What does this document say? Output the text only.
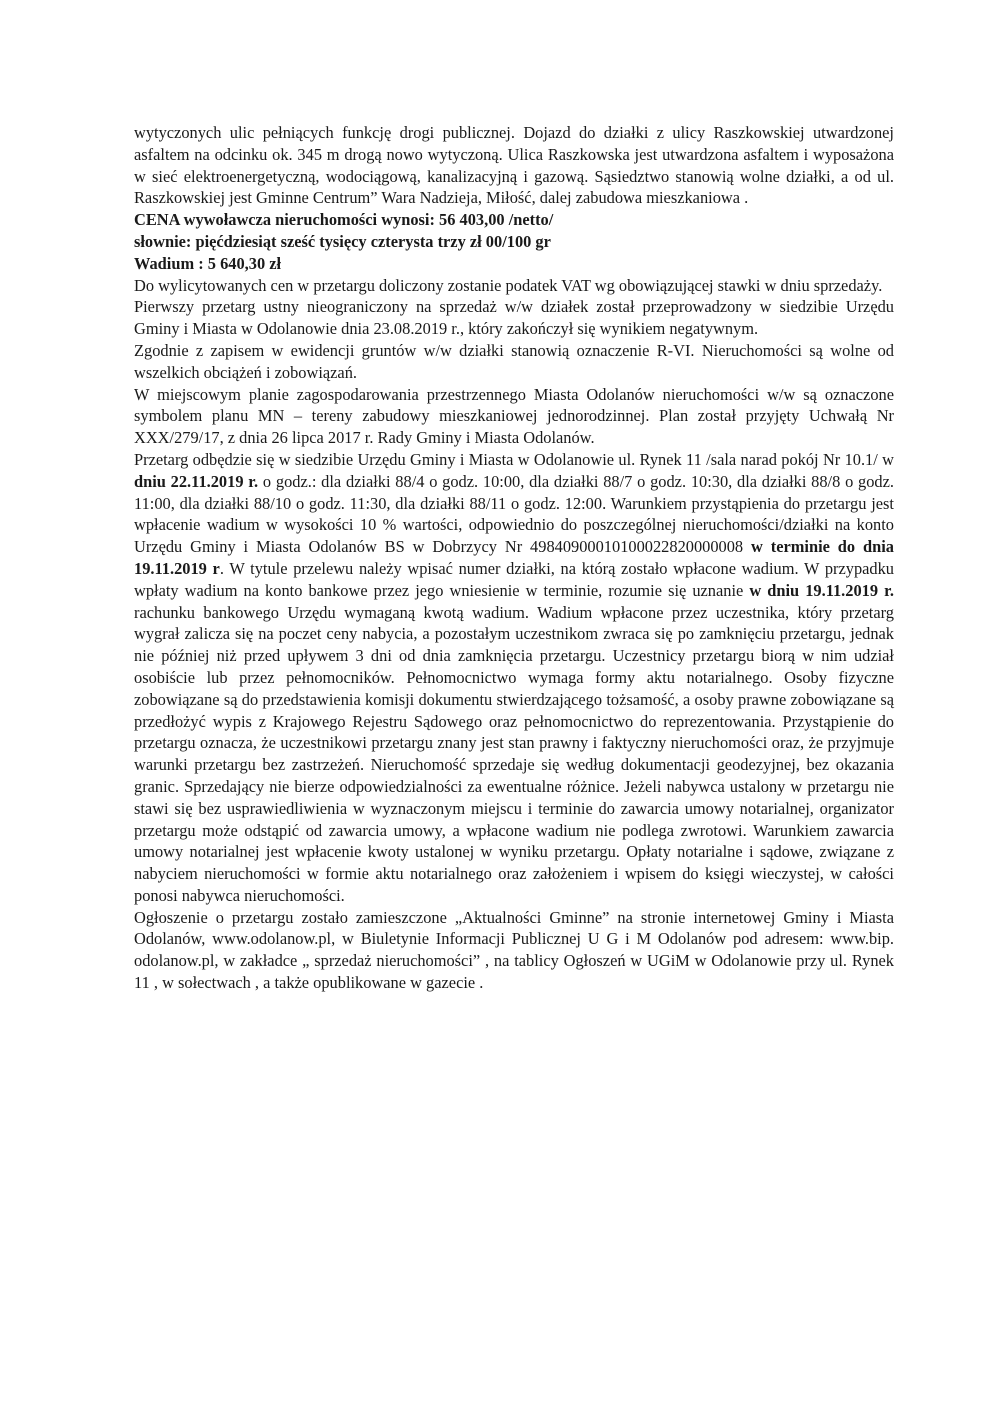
wytyczonych ulic pełniących funkcję drogi publicznej. Dojazd do działki z ulicy Raszkowskiej utwardzonej asfaltem na odcinku ok. 345 m drogą nowo wytyczoną. Ulica Raszkowska jest utwardzona asfaltem i wyposażona w sieć elektroenergetyczną, wodociągową, kanalizacyjną i gazową. Sąsiedztwo stanowią wolne działki, a od ul. Raszkowskiej jest Gminne Centrum” Wara Nadzieja, Miłość, dalej zabudowa mieszkaniowa .

CENA wywoławcza nieruchomości wynosi: 56 403,00 /netto/

słownie: pięćdziesiąt sześć tysięcy czterysta trzy zł 00/100 gr

Wadium : 5 640,30 zł

Do wylicytowanych cen w przetargu doliczony zostanie podatek VAT wg obowiązującej stawki w dniu sprzedaży.

Pierwszy przetarg ustny nieograniczony na sprzedaż w/w działek został przeprowadzony w siedzibie Urzędu Gminy i Miasta w Odolanowie dnia 23.08.2019 r., który zakończył się wynikiem negatywnym.

Zgodnie z zapisem w ewidencji gruntów w/w działki stanowią oznaczenie R-VI. Nieruchomości są wolne od wszelkich obciążeń i zobowiązań.

W miejscowym planie zagospodarowania przestrzennego Miasta Odolanów nieruchomości w/w są oznaczone symbolem planu MN – tereny zabudowy mieszkaniowej jednorodzinnej. Plan został przyjęty Uchwałą Nr XXX/279/17, z dnia 26 lipca 2017 r. Rady Gminy i Miasta Odolanów.

Przetarg odbędzie się w siedzibie Urzędu Gminy i Miasta w Odolanowie ul. Rynek 11 /sala narad pokój Nr 10.1/ w dniu 22.11.2019 r. o godz.: dla działki 88/4 o godz. 10:00, dla działki 88/7 o godz. 10:30, dla działki 88/8 o godz. 11:00, dla działki 88/10 o godz. 11:30, dla działki 88/11 o godz. 12:00. Warunkiem przystąpienia do przetargu jest wpłacenie wadium w wysokości 10 % wartości, odpowiednio do poszczególnej nieruchomości/działki na konto Urzędu Gminy i Miasta Odolanów BS w Dobrzycy Nr 49840900010100022820000008 w terminie do dnia 19.11.2019 r. W tytule przelewu należy wpisać numer działki, na którą zostało wpłacone wadium. W przypadku wpłaty wadium na konto bankowe przez jego wniesienie w terminie, rozumie się uznanie w dniu 19.11.2019 r. rachunku bankowego Urzędu wymaganą kwotą wadium. Wadium wpłacone przez uczestnika, który przetarg wygrał zalicza się na poczet ceny nabycia, a pozostałym uczestnikom zwraca się po zamknięciu przetargu, jednak nie później niż przed upływem 3 dni od dnia zamknięcia przetargu. Uczestnicy przetargu biorą w nim udział osobiście lub przez pełnomocników. Pełnomocnictwo wymaga formy aktu notarialnego. Osoby fizyczne zobowiązane są do przedstawienia komisji dokumentu stwierdzającego tożsamość, a osoby prawne zobowiązane są przedłożyć wypis z Krajowego Rejestru Sądowego oraz pełnomocnictwo do reprezentowania. Przystąpienie do przetargu oznacza, że uczestnikowi przetargu znany jest stan prawny i faktyczny nieruchomości oraz, że przyjmuje warunki przetargu bez zastrzeżeń. Nieruchomość sprzedaje się według dokumentacji geodezyjnej, bez okazania granic. Sprzedający nie bierze odpowiedzialności za ewentualne różnice. Jeżeli nabywca ustalony w przetargu nie stawi się bez usprawiedliwienia w wyznaczonym miejscu i terminie do zawarcia umowy notarialnej, organizator przetargu może odstąpić od zawarcia umowy, a wpłacone wadium nie podlega zwrotowi. Warunkiem zawarcia umowy notarialnej jest wpłacenie kwoty ustalonej w wyniku przetargu. Opłaty notarialne i sądowe, związane z nabyciem nieruchomości w formie aktu notarialnego oraz założeniem i wpisem do księgi wieczystej, w całości ponosi nabywca nieruchomości.

Ogłoszenie o przetargu zostało zamieszczone „Aktualności Gminne” na stronie internetowej Gminy i Miasta Odolanów, www.odolanow.pl, w Biuletynie Informacji Publicznej U G i M Odolanów pod adresem: www.bip. odolanow.pl, w zakładce „ sprzedaż nieruchomości” , na tablicy Ogłoszeń w UGiM w Odolanowie przy ul. Rynek 11 , w sołectwach , a także opublikowane w gazecie .
